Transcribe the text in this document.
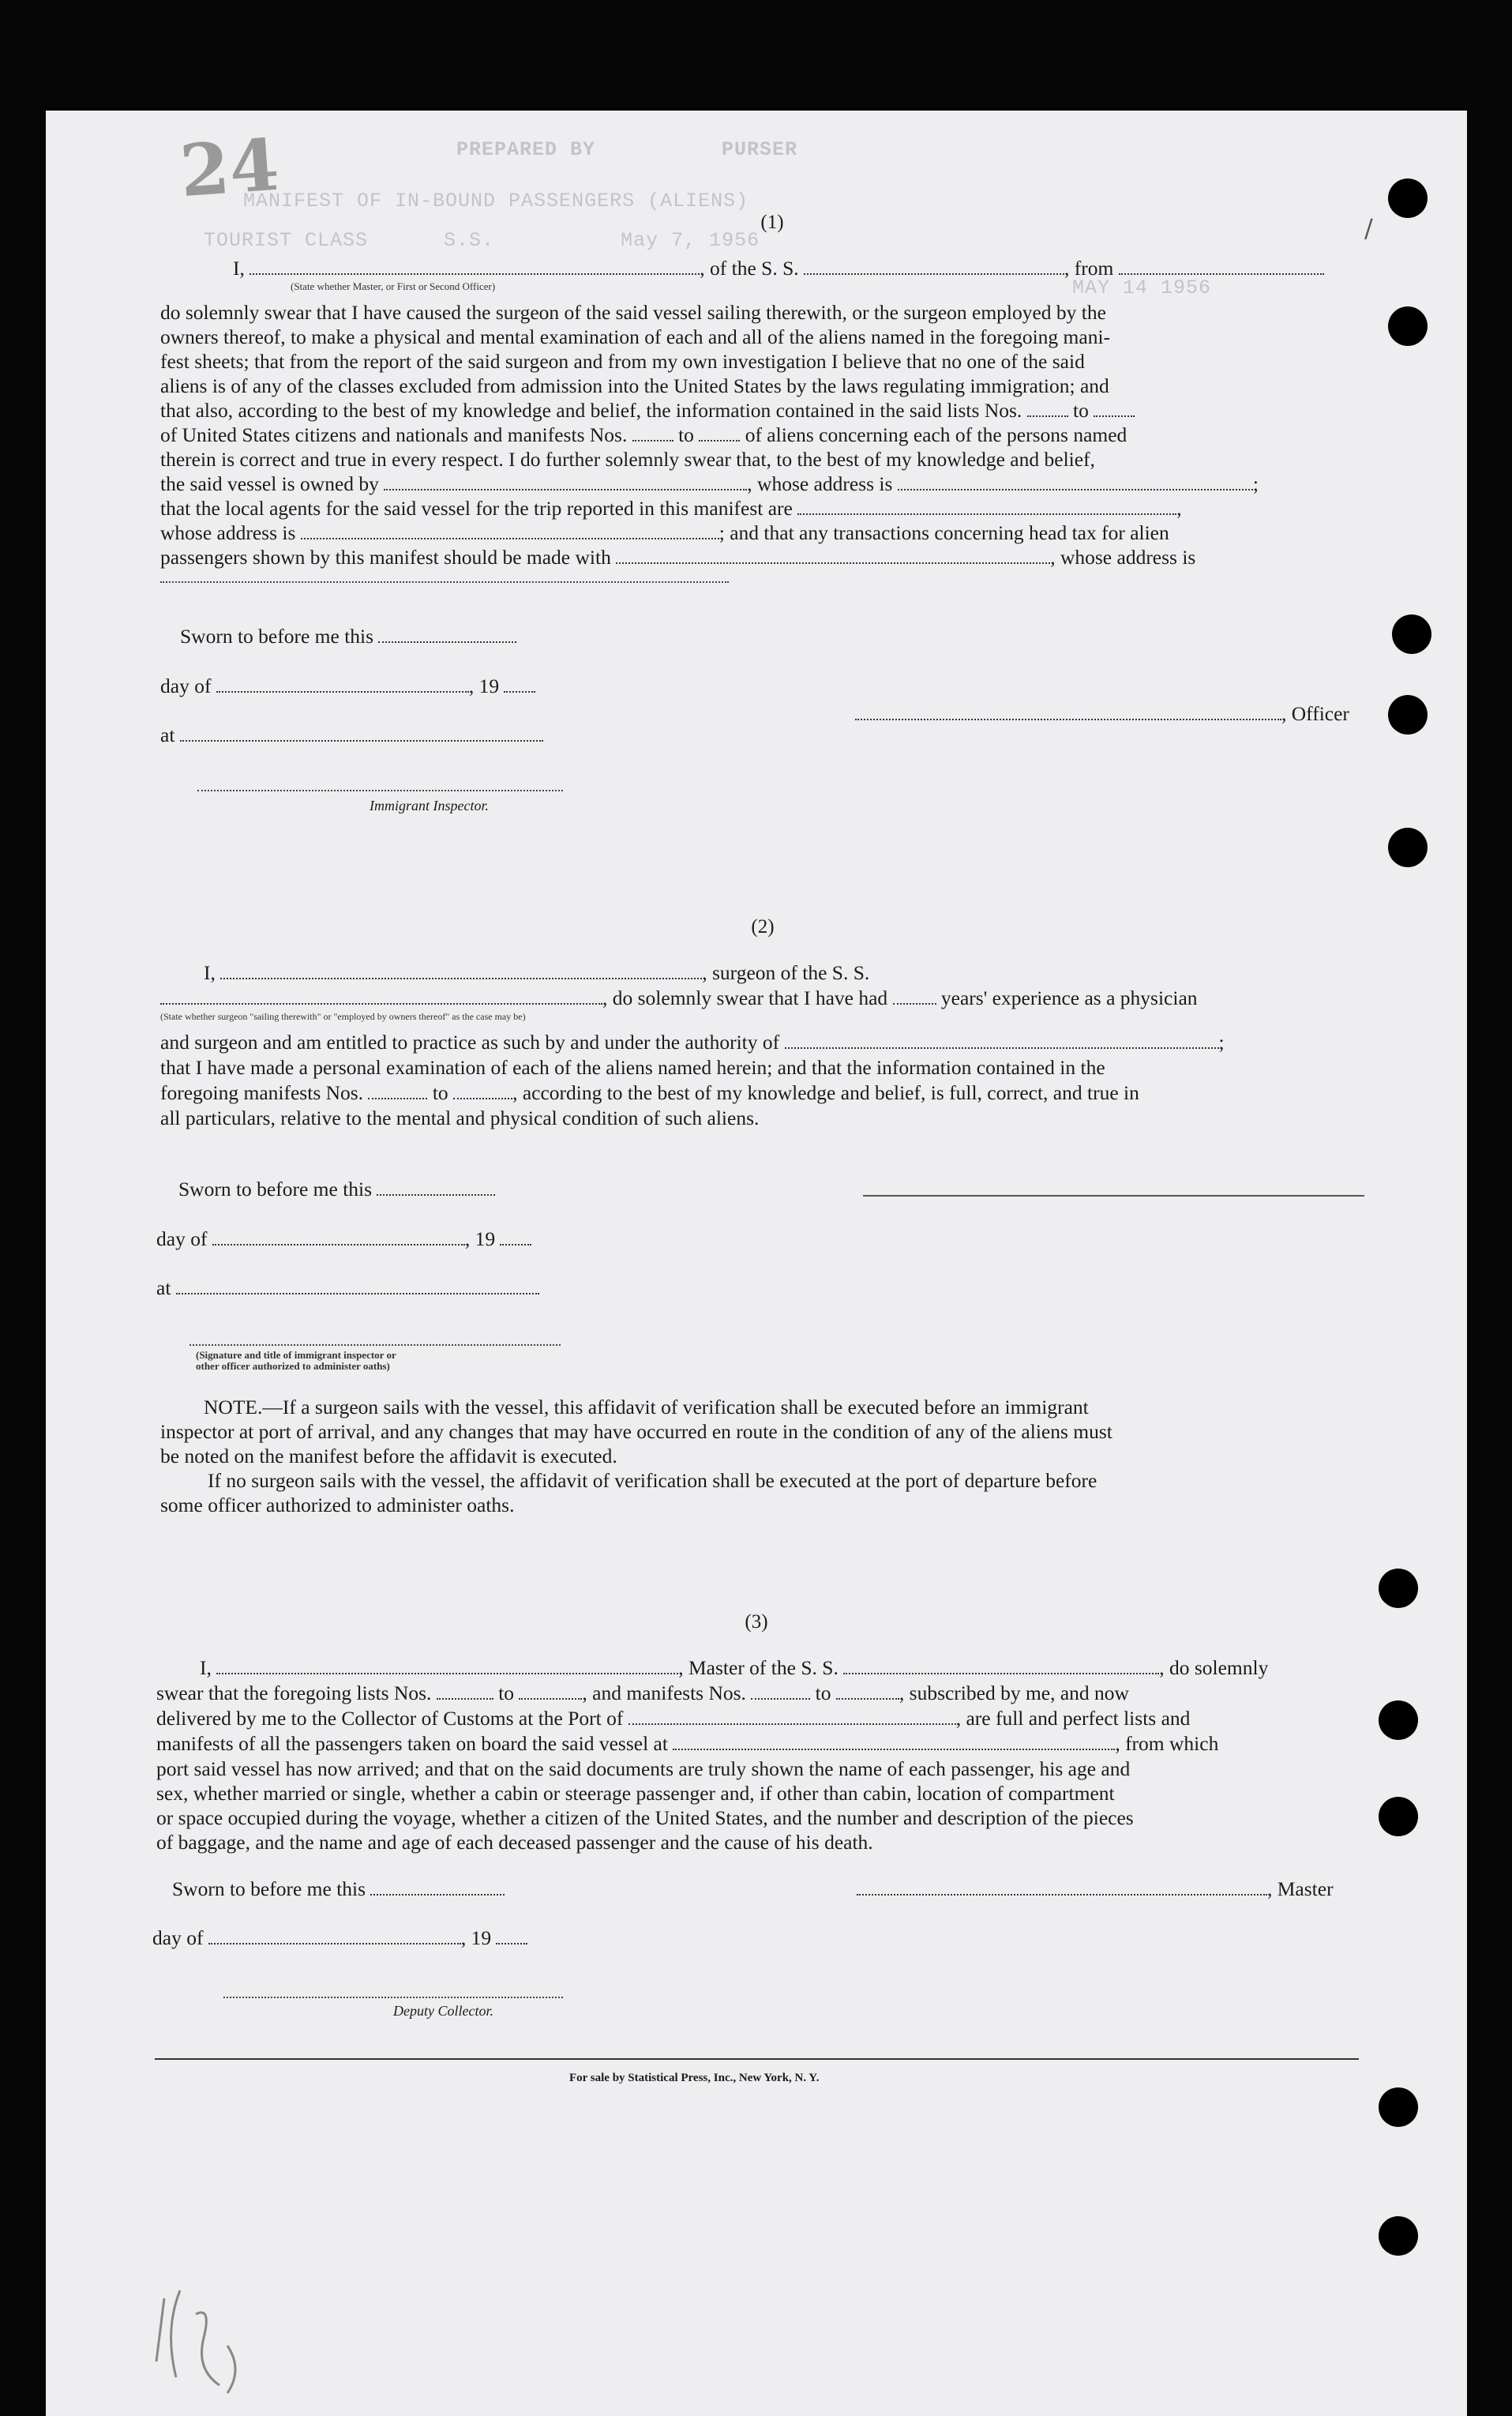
PREPARED BY          PURSER
MANIFEST OF IN-BOUND PASSENGERS (ALIENS)
TOURIST CLASS      S.S.          May 7, 1956
MAY 14 1956
24
(1)
I,	, of the S. S.	, from
(State whether Master, or First or Second Officer)
do solemnly swear that I have caused the surgeon of the said vessel sailing therewith, or the surgeon employed by the
owners thereof, to make a physical and mental examination of each and all of the aliens named in the foregoing mani-
fest sheets; that from the report of the said surgeon and from my own investigation I believe that no one of the said
aliens is of any of the classes excluded from admission into the United States by the laws regulating immigration; and
that also, according to the best of my knowledge and belief, the information contained in the said lists Nos.	to
of United States citizens and nationals and manifests Nos.	to	of aliens concerning each of the persons named
therein is correct and true in every respect. I do further solemnly swear that, to the best of my knowledge and belief,
the said vessel is owned by	, whose address is	;
that the local agents for the said vessel for the trip reported in this manifest are	,
whose address is	; and that any transactions concerning head tax for alien
passengers shown by this manifest should be made with	, whose address is
Sworn to before me this
day of	, 19
at
Immigrant Inspector.
, Officer
(2)
I,	, surgeon of the S. S.
, do solemnly swear that I have had	years' experience as a physician
(State whether surgeon "sailing therewith" or "employed by owners thereof" as the case may be)
and surgeon and am entitled to practice as such by and under the authority of	;
that I have made a personal examination of each of the aliens named herein; and that the information contained in the
foregoing manifests Nos.	to	, according to the best of my knowledge and belief, is full, correct, and true in
all particulars, relative to the mental and physical condition of such aliens.
Sworn to before me this
day of	, 19
at
(Signature and title of immigrant inspector or
other officer authorized to administer oaths)
NOTE.—If a surgeon sails with the vessel, this affidavit of verification shall be executed before an immigrant
inspector at port of arrival, and any changes that may have occurred en route in the condition of any of the aliens must
be noted on the manifest before the affidavit is executed.
If no surgeon sails with the vessel, the affidavit of verification shall be executed at the port of departure before
some officer authorized to administer oaths.
(3)
I,	, Master of the S. S.	, do solemnly
swear that the foregoing lists Nos.	to	, and manifests Nos.	to	, subscribed by me, and now
delivered by me to the Collector of Customs at the Port of	, are full and perfect lists and
manifests of all the passengers taken on board the said vessel at	, from which
port said vessel has now arrived; and that on the said documents are truly shown the name of each passenger, his age and
sex, whether married or single, whether a cabin or steerage passenger and, if other than cabin, location of compartment
or space occupied during the voyage, whether a citizen of the United States, and the number and description of the pieces
of baggage, and the name and age of each deceased passenger and the cause of his death.
Sworn to before me this	, Master
day of	, 19
Deputy Collector.
For sale by Statistical Press, Inc., New York, N. Y.
/
